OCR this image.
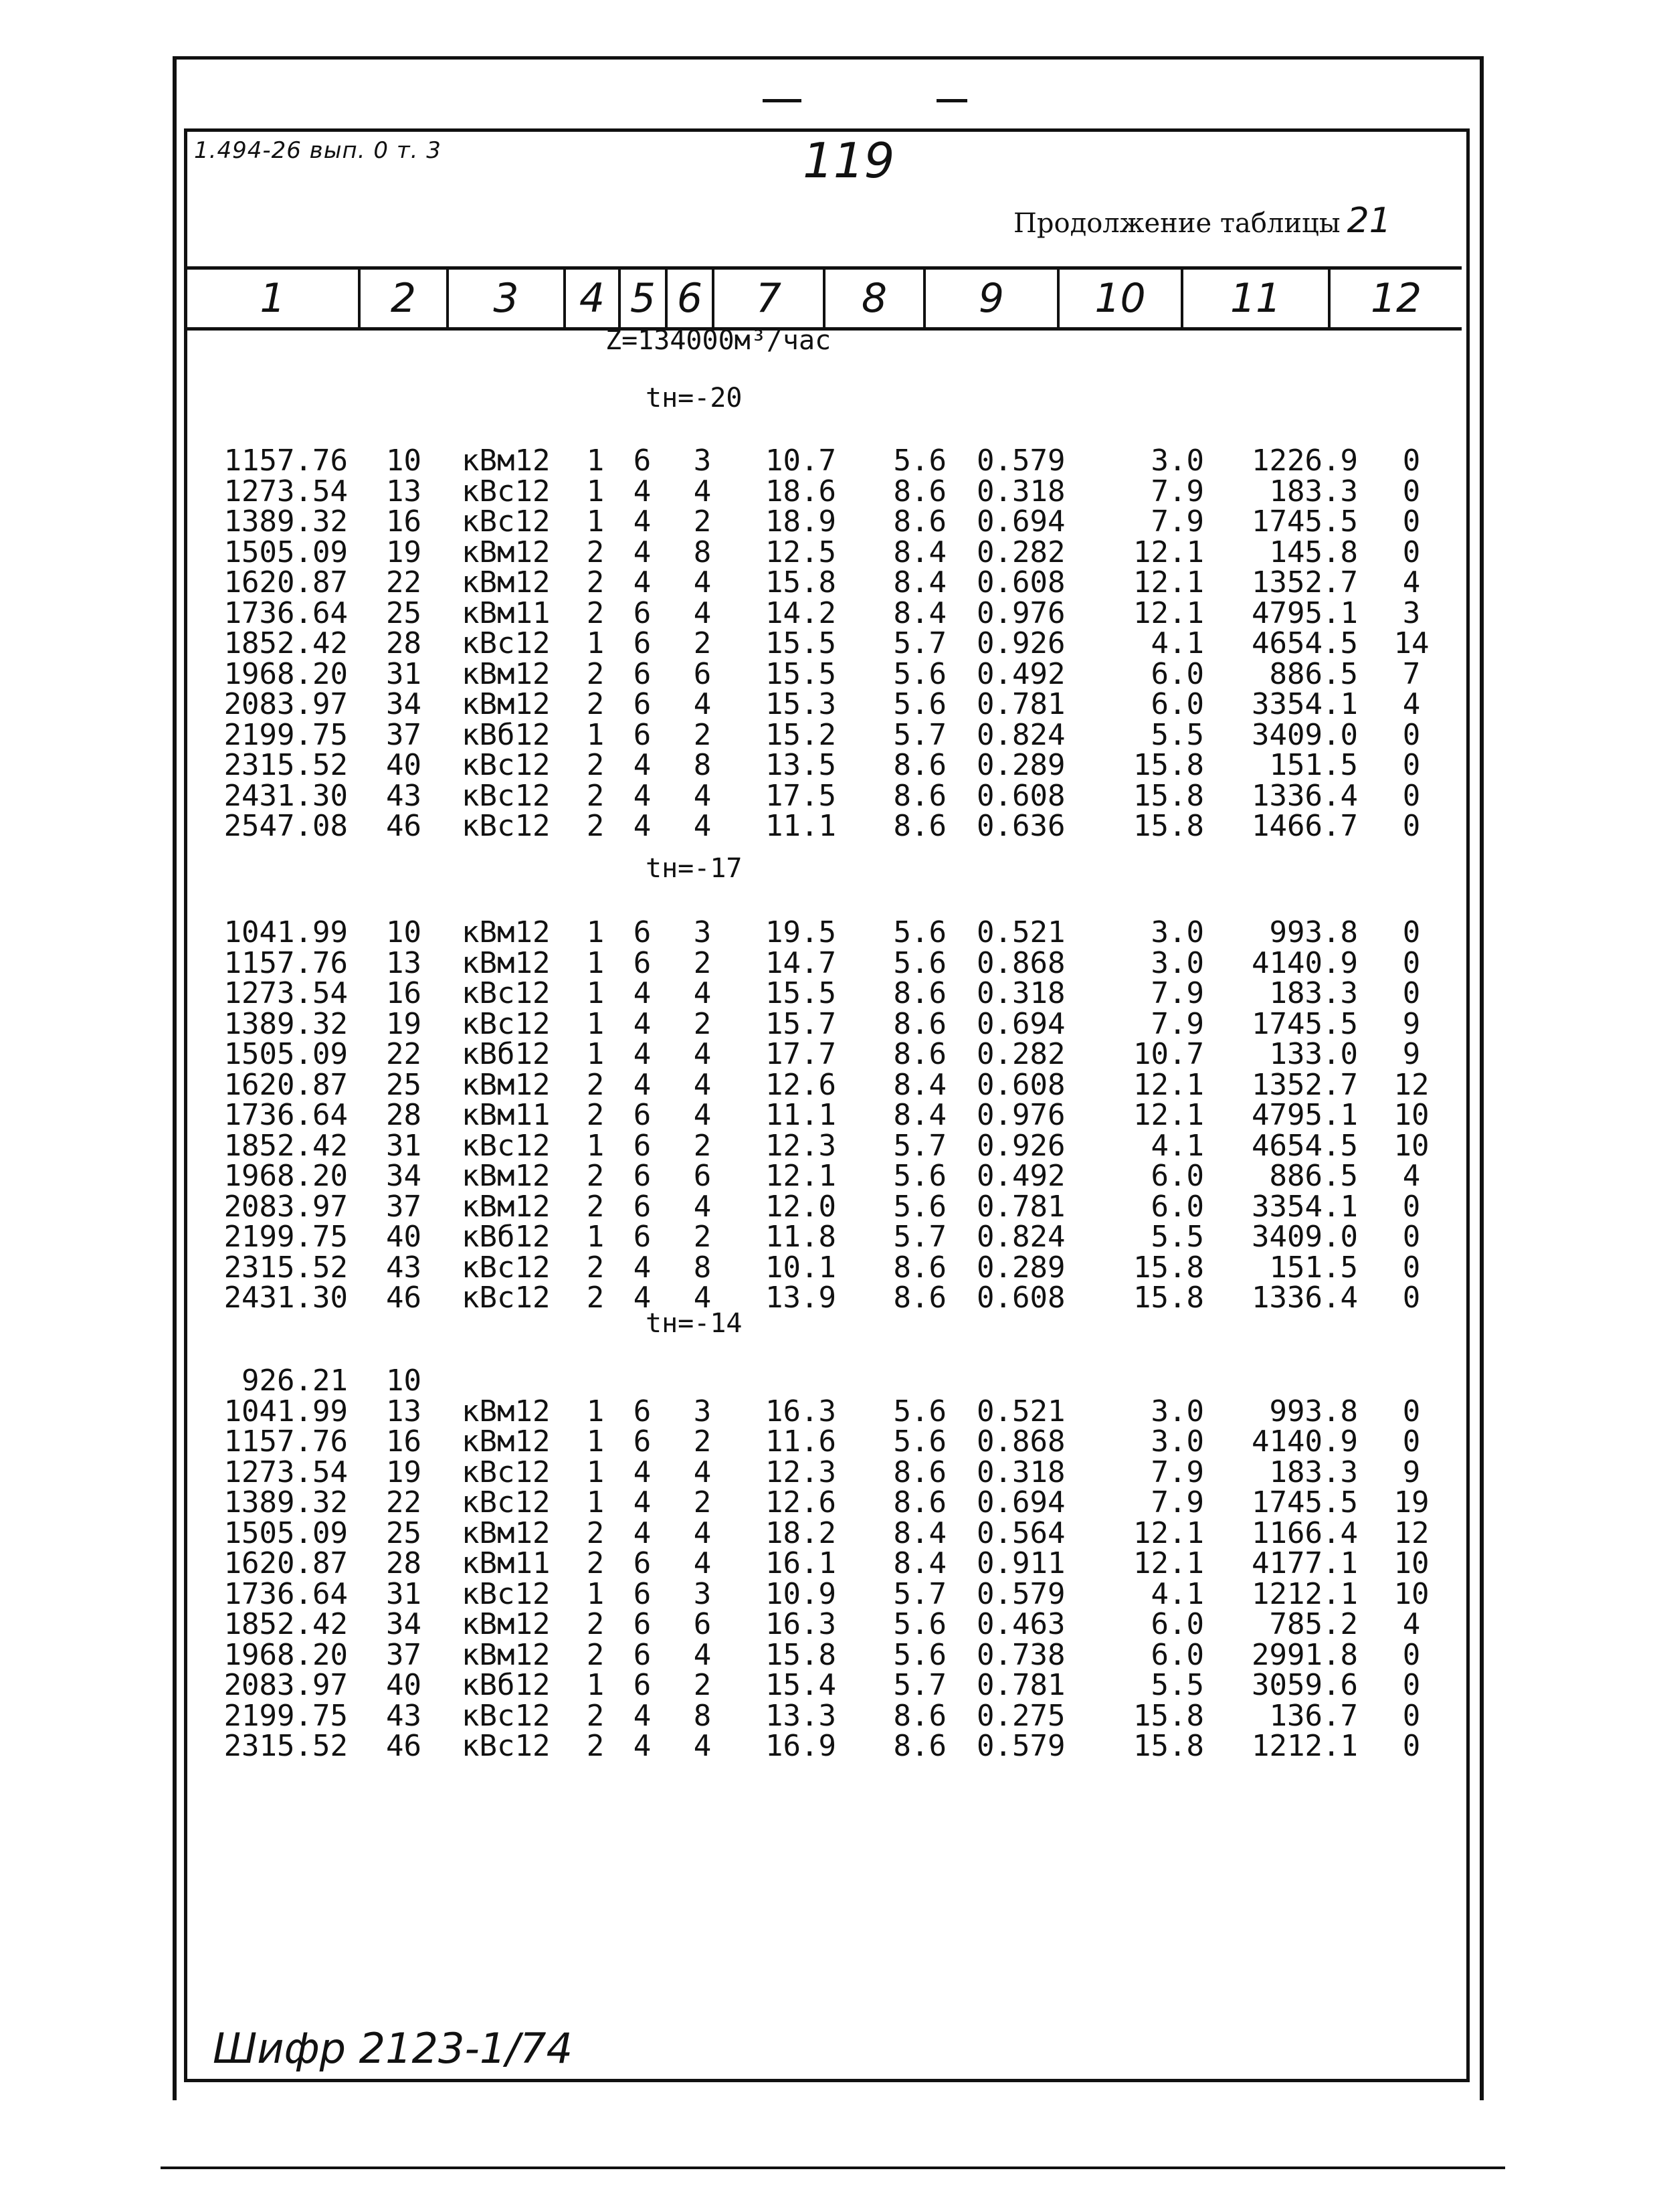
1.494-26 вып. 0 т. 3	119
Продолжение таблицы 21
1	2	3	4 5 6	7	8	9	10	11	12
Z=134000м³/час
tн=-20
1157.76	10 кВм12	1 6 3	10.7	5.6 0.579	3.0	1226.9	0
1273.54	13 кВс12	1 4 4	18.6	8.6 0.318	7.9	183.3	0
1389.32	16 кВс12	1 4 2	18.9	8.6 0.694	7.9	1745.5	0
1505.09	19 кВм12	2 4 8	12.5	8.4 0.282	12.1	145.8	0
1620.87	22 кВм12	2 4 4	15.8	8.4 0.608	12.1	1352.7	4
1736.64	25 кВм11	2 6 4	14.2	8.4 0.976	12.1	4795.1	3
1852.42	28 кВс12	1 6 2	15.5	5.7 0.926	4.1	4654.5	14
1968.20	31 кВм12	2 6 6	15.5	5.6 0.492	6.0	886.5	7
2083.97	34 кВм12	2 6 4	15.3	5.6 0.781	6.0	3354.1	4
2199.75	37 кВб12	1 6 2	15.2	5.7 0.824	5.5	3409.0	0
2315.52	40 кВс12	2 4 8	13.5	8.6 0.289	15.8	151.5	0
2431.30	43 кВс12	2 4 4	17.5	8.6 0.608	15.8	1336.4	0
2547.08	46 кВс12	2 4 4	11.1	8.6 0.636	15.8	1466.7	0
tн=-17
1041.99	10 кВм12	1 6 3	19.5	5.6 0.521	3.0	993.8	0
1157.76	13 кВм12	1 6 2	14.7	5.6 0.868	3.0	4140.9	0
1273.54	16 кВс12	1 4 4	15.5	8.6 0.318	7.9	183.3	0
1389.32	19 кВс12	1 4 2	15.7	8.6 0.694	7.9	1745.5	9
1505.09	22 кВб12	1 4 4	17.7	8.6 0.282	10.7	133.0	9
1620.87	25 кВм12	2 4 4	12.6	8.4 0.608	12.1	1352.7	12
1736.64	28 кВм11	2 6 4	11.1	8.4 0.976	12.1	4795.1	10
1852.42	31 кВс12	1 6 2	12.3	5.7 0.926	4.1	4654.5	10
1968.20	34 кВм12	2 6 6	12.1	5.6 0.492	6.0	886.5	4
2083.97	37 кВм12	2 6 4	12.0	5.6 0.781	6.0	3354.1	0
2199.75	40 кВб12	1 6 2	11.8	5.7 0.824	5.5	3409.0	0
2315.52	43 кВс12	2 4 8	10.1	8.6 0.289	15.8	151.5	0
2431.30	46 кВс12	2 4 4	13.9	8.6 0.608	15.8	1336.4	0
tн=-14
926.21	10
1041.99	13 кВм12	1 6 3	16.3	5.6 0.521	3.0	993.8	0
1157.76	16 кВм12	1 6 2	11.6	5.6 0.868	3.0	4140.9	0
1273.54	19 кВс12	1 4 4	12.3	8.6 0.318	7.9	183.3	9
1389.32	22 кВс12	1 4 2	12.6	8.6 0.694	7.9	1745.5	19
1505.09	25 кВм12	2 4 4	18.2	8.4 0.564	12.1	1166.4	12
1620.87	28 кВм11	2 6 4	16.1	8.4 0.911	12.1	4177.1	10
1736.64	31 кВс12	1 6 3	10.9	5.7 0.579	4.1	1212.1	10
1852.42	34 кВм12	2 6 6	16.3	5.6 0.463	6.0	785.2	4
1968.20	37 кВм12	2 6 4	15.8	5.6 0.738	6.0	2991.8	0
2083.97	40 кВб12	1 6 2	15.4	5.7 0.781	5.5	3059.6	0
2199.75	43 кВс12	2 4 8	13.3	8.6 0.275	15.8	136.7	0
2315.52	46 кВс12	2 4 4	16.9	8.6 0.579	15.8	1212.1	0
Шифр 2123-1/74
